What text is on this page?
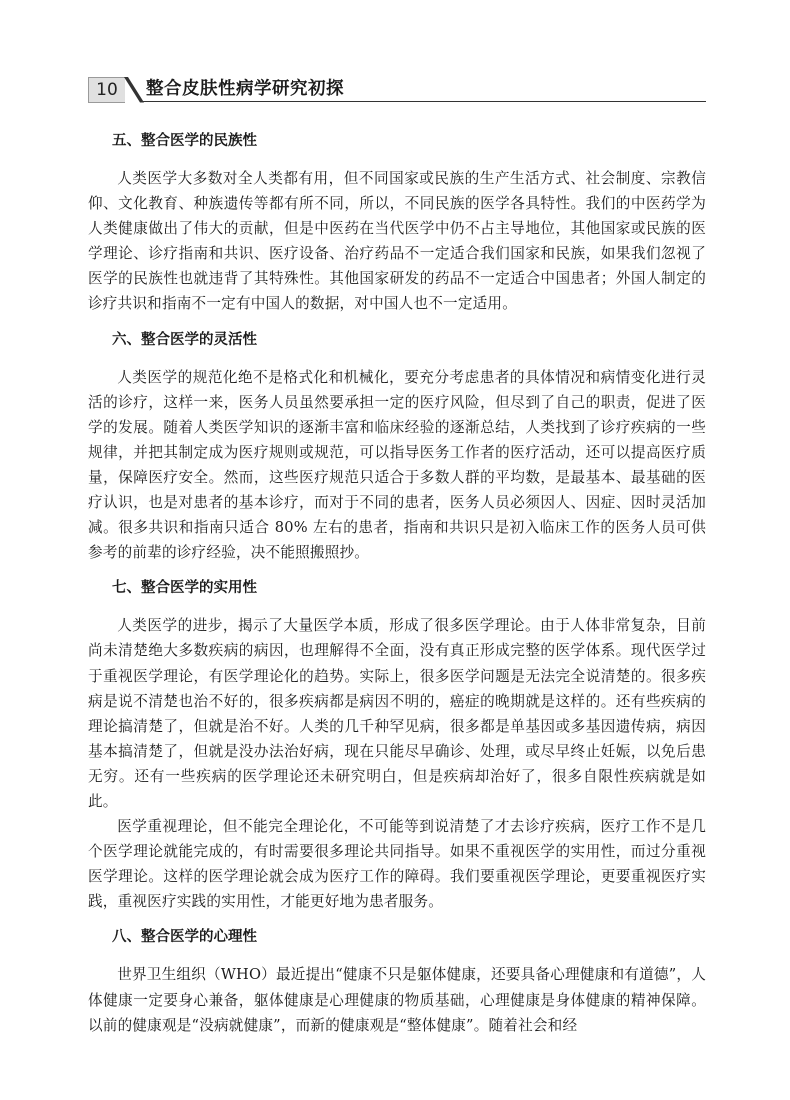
10	整合皮肤性病学研究初探
五、整合医学的民族性

人类医学大多数对全人类都有用，但不同国家或民族的生产生活方式、社会制度、宗教信仰、文化教育、种族遗传等都有所不同，所以，不同民族的医学各具特性。我们的中医药学为人类健康做出了伟大的贡献，但是中医药在当代医学中仍不占主导地位，其他国家或民族的医学理论、诊疗指南和共识、医疗设备、治疗药品不一定适合我们国家和民族，如果我们忽视了医学的民族性也就违背了其特殊性。其他国家研发的药品不一定适合中国患者；外国人制定的诊疗共识和指南不一定有中国人的数据，对中国人也不一定适用。

六、整合医学的灵活性

人类医学的规范化绝不是格式化和机械化，要充分考虑患者的具体情况和病情变化进行灵活的诊疗，这样一来，医务人员虽然要承担一定的医疗风险，但尽到了自己的职责，促进了医学的发展。随着人类医学知识的逐渐丰富和临床经验的逐渐总结，人类找到了诊疗疾病的一些规律，并把其制定成为医疗规则或规范，可以指导医务工作者的医疗活动，还可以提高医疗质量，保障医疗安全。然而，这些医疗规范只适合于多数人群的平均数，是最基本、最基础的医疗认识，也是对患者的基本诊疗，而对于不同的患者，医务人员必须因人、因症、因时灵活加减。很多共识和指南只适合 80% 左右的患者，指南和共识只是初入临床工作的医务人员可供参考的前辈的诊疗经验，决不能照搬照抄。

七、整合医学的实用性

人类医学的进步，揭示了大量医学本质，形成了很多医学理论。由于人体非常复杂，目前尚未清楚绝大多数疾病的病因，也理解得不全面，没有真正形成完整的医学体系。现代医学过于重视医学理论，有医学理论化的趋势。实际上，很多医学问题是无法完全说清楚的。很多疾病是说不清楚也治不好的，很多疾病都是病因不明的，癌症的晚期就是这样的。还有些疾病的理论搞清楚了，但就是治不好。人类的几千种罕见病，很多都是单基因或多基因遗传病，病因基本搞清楚了，但就是没办法治好病，现在只能尽早确诊、处理，或尽早终止妊娠，以免后患无穷。还有一些疾病的医学理论还未研究明白，但是疾病却治好了，很多自限性疾病就是如此。

医学重视理论，但不能完全理论化，不可能等到说清楚了才去诊疗疾病，医疗工作不是几个医学理论就能完成的，有时需要很多理论共同指导。如果不重视医学的实用性，而过分重视医学理论。这样的医学理论就会成为医疗工作的障碍。我们要重视医学理论，更要重视医疗实践，重视医疗实践的实用性，才能更好地为患者服务。

八、整合医学的心理性

世界卫生组织（WHO）最近提出“健康不只是躯体健康，还要具备心理健康和有道德”，人体健康一定要身心兼备，躯体健康是心理健康的物质基础，心理健康是身体健康的精神保障。以前的健康观是“没病就健康”，而新的健康观是“整体健康”。随着社会和经
